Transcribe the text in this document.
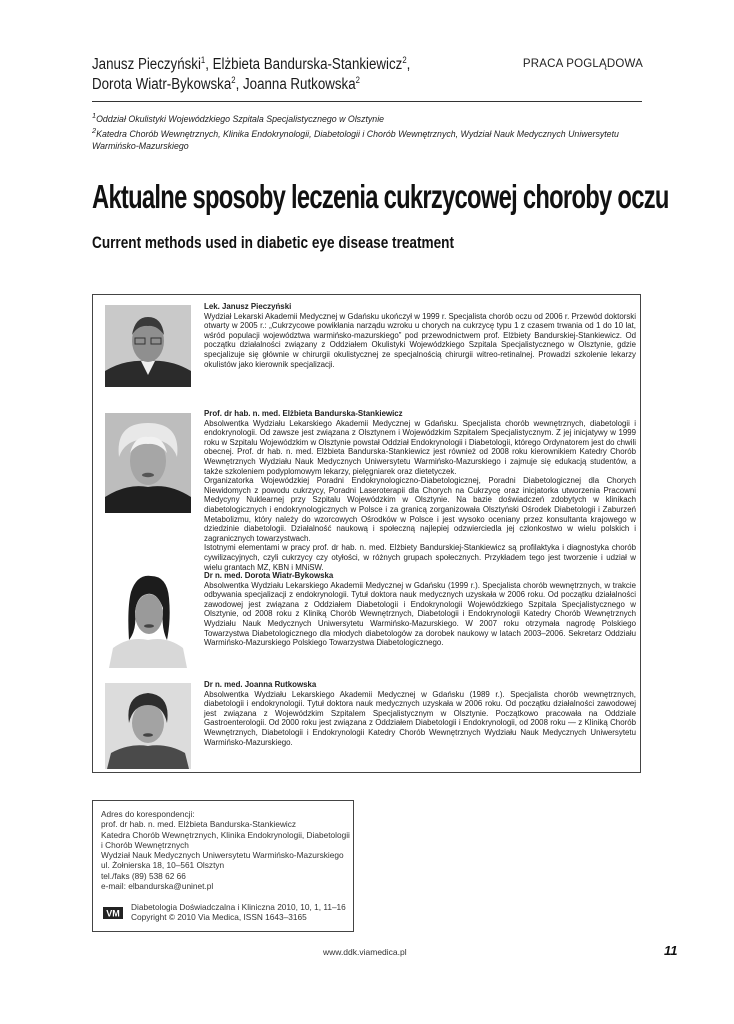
Janusz Pieczyński$^1$, Elżbieta Bandurska-Stankiewicz$^2$,
Dorota Wiatr-Bykowska$^2$, Joanna Rutkowska$^2$
PRACA POGLĄDOWA
$^1$Oddział Okulistyki Wojewódzkiego Szpitala Specjalistycznego w Olsztynie
$^2$Katedra Chorób Wewnętrznych, Klinika Endokrynologii, Diabetologii i Chorób Wewnętrznych, Wydział Nauk Medycznych Uniwersytetu Warmińsko-Mazurskiego
Aktualne sposoby leczenia cukrzycowej choroby oczu
Current methods used in diabetic eye disease treatment
Lek. Janusz Pieczyński
Wydział Lekarski Akademii Medycznej w Gdańsku ukończył w 1999 r. Specjalista chorób oczu od 2006 r. Przewód doktorski otwarty w 2005 r.: „Cukrzycowe powikłania narządu wzroku u chorych na cukrzycę typu 1 z czasem trwania od 1 do 10 lat, wśród populacji województwa warmińsko-mazurskiego” pod przewodnictwem prof. Elżbiety Bandurskiej-Stankiewicz. Od początku działalności związany z Oddziałem Okulistyki Wojewódzkiego Szpitala Specjalistycznego w Olsztynie, gdzie specjalizuje się głównie w chirurgii okulistycznej ze specjalnością chirurgii witreo-retinalnej. Prowadzi szkolenie lekarzy okulistów jako kierownik specjalizacji.
Prof. dr hab. n. med. Elżbieta Bandurska-Stankiewicz
Absolwentka Wydziału Lekarskiego Akademii Medycznej w Gdańsku. Specjalista chorób wewnętrznych, diabetologii i endokrynologii. Od zawsze jest związana z Olsztynem i Wojewódzkim Szpitalem Specjalistycznym. Z jej inicjatywy w 1999 roku w Szpitalu Wojewódzkim w Olsztynie powstał Oddział Endokrynologii i Diabetologii, którego Ordynatorem jest do chwili obecnej. Prof. dr hab. n. med. Elżbieta Bandurska-Stankiewicz jest również od 2008 roku kierownikiem Katedry Chorób Wewnętrznych Wydziału Nauk Medycznych Uniwersytetu Warmińsko-Mazurskiego i zajmuje się edukacją studentów, a także szkoleniem podyplomowym lekarzy, pielęgniarek oraz dietetyczek.
Organizatorka Wojewódzkiej Poradni Endokrynologiczno-Diabetologicznej, Poradni Diabetologicznej dla Chorych Niewidomych z powodu cukrzycy, Poradni Laseroterapii dla Chorych na Cukrzycę oraz inicjatorka utworzenia Pracowni Medycyny Nuklearnej przy Szpitalu Wojewódzkim w Olsztynie. Na bazie doświadczeń zdobytych w klinikach diabetologicznych i endokrynologicznych w Polsce i za granicą zorganizowała Olsztyński Ośrodek Diabetologii i Zaburzeń Metabolizmu, który należy do wzorcowych Ośrodków w Polsce i jest wysoko oceniany przez konsultanta krajowego w dziedzinie diabetologii. Działalność naukową i społeczną najlepiej odzwierciedla jej członkostwo w wielu polskich i zagranicznych towarzystwach.
Istotnymi elementami w pracy prof. dr hab. n. med. Elżbiety Bandurskiej-Stankiewicz są profilaktyka i diagnostyka chorób cywilizacyjnych, czyli cukrzycy czy otyłości, w różnych grupach społecznych. Przykładem tego jest tworzenie i udział w wielu grantach MZ, KBN i MNiSW.
Dr n. med. Dorota Wiatr-Bykowska
Absolwentka Wydziału Lekarskiego Akademii Medycznej w Gdańsku (1999 r.). Specjalista chorób wewnętrznych, w trakcie odbywania specjalizacji z endokrynologii. Tytuł doktora nauk medycznych uzyskała w 2006 roku. Od początku działalności zawodowej jest związana z Oddziałem Diabetologii i Endokrynologii Wojewódzkiego Szpitala Specjalistycznego w Olsztynie, od 2008 roku z Kliniką Chorób Wewnętrznych, Diabetologii i Endokrynologii Katedry Chorób Wewnętrznych Wydziału Nauk Medycznych Uniwersytetu Warmińsko-Mazurskiego. W 2007 roku otrzymała nagrodę Polskiego Towarzystwa Diabetologicznego dla młodych diabetologów za dorobek naukowy w latach 2003–2006. Sekretarz Oddziału Warmińsko-Mazurskiego Polskiego Towarzystwa Diabetologicznego.
Dr n. med. Joanna Rutkowska
Absolwentka Wydziału Lekarskiego Akademii Medycznej w Gdańsku (1989 r.). Specjalista chorób wewnętrznych, diabetologii i endokrynologii. Tytuł doktora nauk medycznych uzyskała w 2006 roku. Od początku działalności zawodowej jest związana z Wojewódzkim Szpitalem Specjalistycznym w Olsztynie. Początkowo pracowała na Oddziale Gastroenterologii. Od 2000 roku jest związana z Oddziałem Diabetologii i Endokrynologii, od 2008 roku — z Kliniką Chorób Wewnętrznych, Diabetologii i Endokrynologii Katedry Chorób Wewnętrznych Wydziału Nauk Medycznych Uniwersytetu Warmińsko-Mazurskiego.
Adres do korespondencji:
prof. dr hab. n. med. Elżbieta Bandurska-Stankiewicz
Katedra Chorób Wewnętrznych, Klinika Endokrynologii, Diabetologii
i Chorób Wewnętrznych
Wydział Nauk Medycznych Uniwersytetu Warmińsko-Mazurskiego
ul. Żołnierska 18, 10–561 Olsztyn
tel./faks (89) 538 62 66
e-mail: elbandurska@uninet.pl
VM
Diabetologia Doświadczalna i Kliniczna 2010, 10, 1, 11–16
Copyright © 2010 Via Medica, ISSN 1643–3165
www.ddk.viamedica.pl	11
